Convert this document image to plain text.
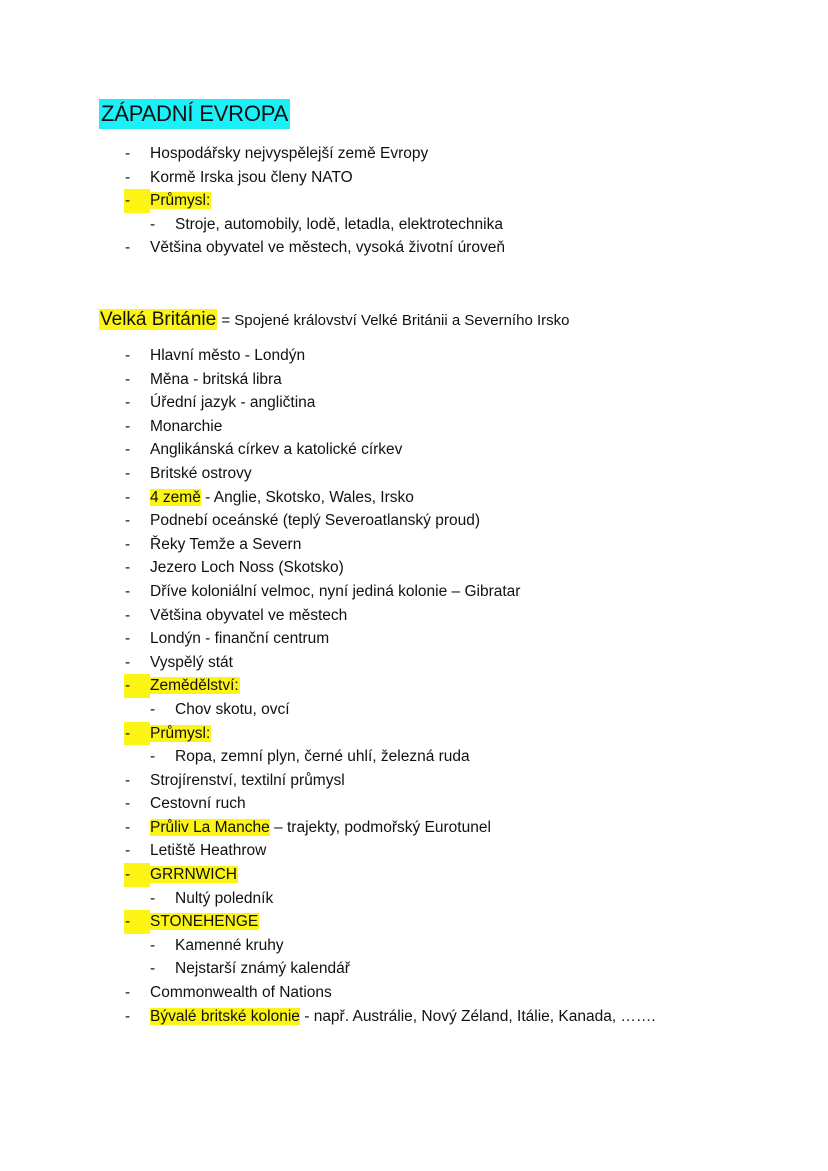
ZÁPADNÍ EVROPA
-	Hospodářsky nejvyspělejší země Evropy
-	Kormě Irska jsou členy NATO
-	Průmysl:
-	Stroje, automobily, lodě, letadla, elektrotechnika
-	Většina obyvatel ve městech, vysoká životní úroveň
Velká Británie = Spojené království Velké Británii a Severního Irsko
-	Hlavní město - Londýn
-	Měna - britská libra
-	Úřední jazyk - angličtina
-	Monarchie
-	Anglikánská církev a katolické církev
-	Britské ostrovy
-	4 země - Anglie, Skotsko, Wales, Irsko
-	Podnebí oceánské (teplý Severoatlanský proud)
-	Řeky Temže a Severn
-	Jezero Loch Noss (Skotsko)
-	Dříve koloniální velmoc, nyní jediná kolonie – Gibratar
-	Většina obyvatel ve městech
-	Londýn - finanční centrum
-	Vyspělý stát
-	Zemědělství:
-	Chov skotu, ovcí
-	Průmysl:
-	Ropa, zemní plyn, černé uhlí, železná ruda
-	Strojírenství, textilní průmysl
-	Cestovní ruch
-	Průliv La Manche – trajekty, podmořský Eurotunel
-	Letiště Heathrow
-	GRRNWICH
-	Nultý poledník
-	STONEHENGE
-	Kamenné kruhy
-	Nejstarší známý kalendář
-	Commonwealth of Nations
-	Bývalé britské kolonie - např. Austrálie, Nový Zéland, Itálie, Kanada, …….
